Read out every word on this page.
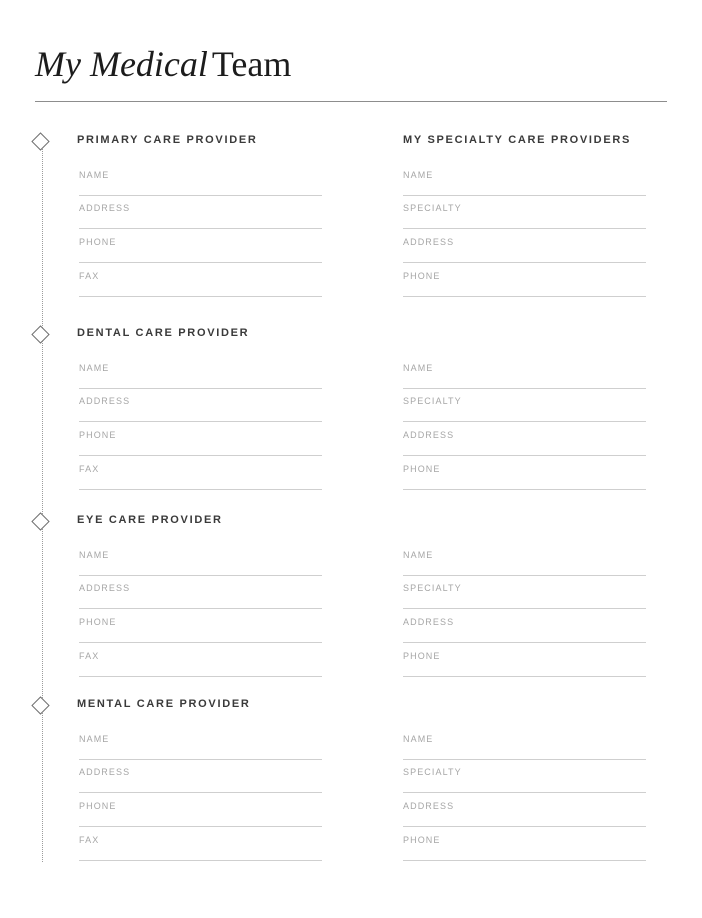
My Medical Team
PRIMARY CARE PROVIDER
NAME
ADDRESS
PHONE
FAX
DENTAL CARE PROVIDER
NAME
ADDRESS
PHONE
FAX
EYE CARE PROVIDER
NAME
ADDRESS
PHONE
FAX
MENTAL CARE PROVIDER
NAME
ADDRESS
PHONE
FAX
MY SPECIALTY CARE PROVIDERS
NAME
SPECIALTY
ADDRESS
PHONE
NAME
SPECIALTY
ADDRESS
PHONE
NAME
SPECIALTY
ADDRESS
PHONE
NAME
SPECIALTY
ADDRESS
PHONE
